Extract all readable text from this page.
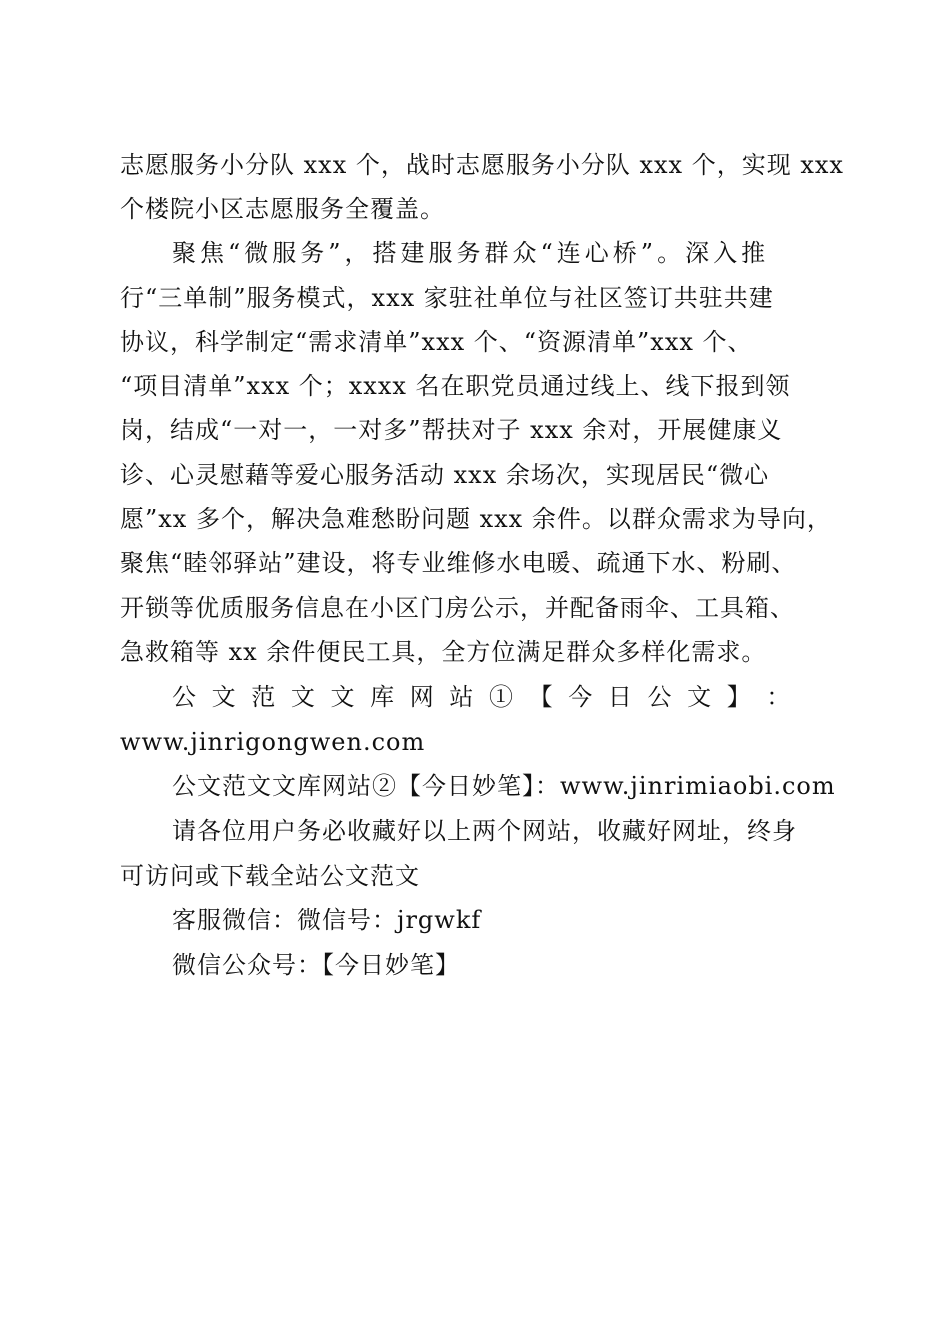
志愿服务小分队 xxx 个，战时志愿服务小分队 xxx 个，实现 xxx
个楼院小区志愿服务全覆盖。
聚焦“微服务”，搭建服务群众“连心桥”。深入推
行“三单制”服务模式，xxx 家驻社单位与社区签订共驻共建
协议，科学制定“需求清单”xxx 个、“资源清单”xxx 个、
“项目清单”xxx 个；xxxx 名在职党员通过线上、线下报到领
岗，结成“一对一，一对多”帮扶对子 xxx 余对，开展健康义
诊、心灵慰藉等爱心服务活动 xxx 余场次，实现居民“微心
愿”xx 多个，解决急难愁盼问题 xxx 余件。以群众需求为导向，
聚焦“睦邻驿站”建设，将专业维修水电暖、疏通下水、粉刷、
开锁等优质服务信息在小区门房公示，并配备雨伞、工具箱、
急救箱等 xx 余件便民工具，全方位满足群众多样化需求。
公 文 范 文 文 库 网 站 ① 【 今 日 公 文 】 ：
www.jinrigongwen.com
公文范文文库网站②【今日妙笔】：www.jinrimiaobi.com
请各位用户务必收藏好以上两个网站，收藏好网址，终身
可访问或下载全站公文范文
客服微信：微信号：jrgwkf
微信公众号：【今日妙笔】
